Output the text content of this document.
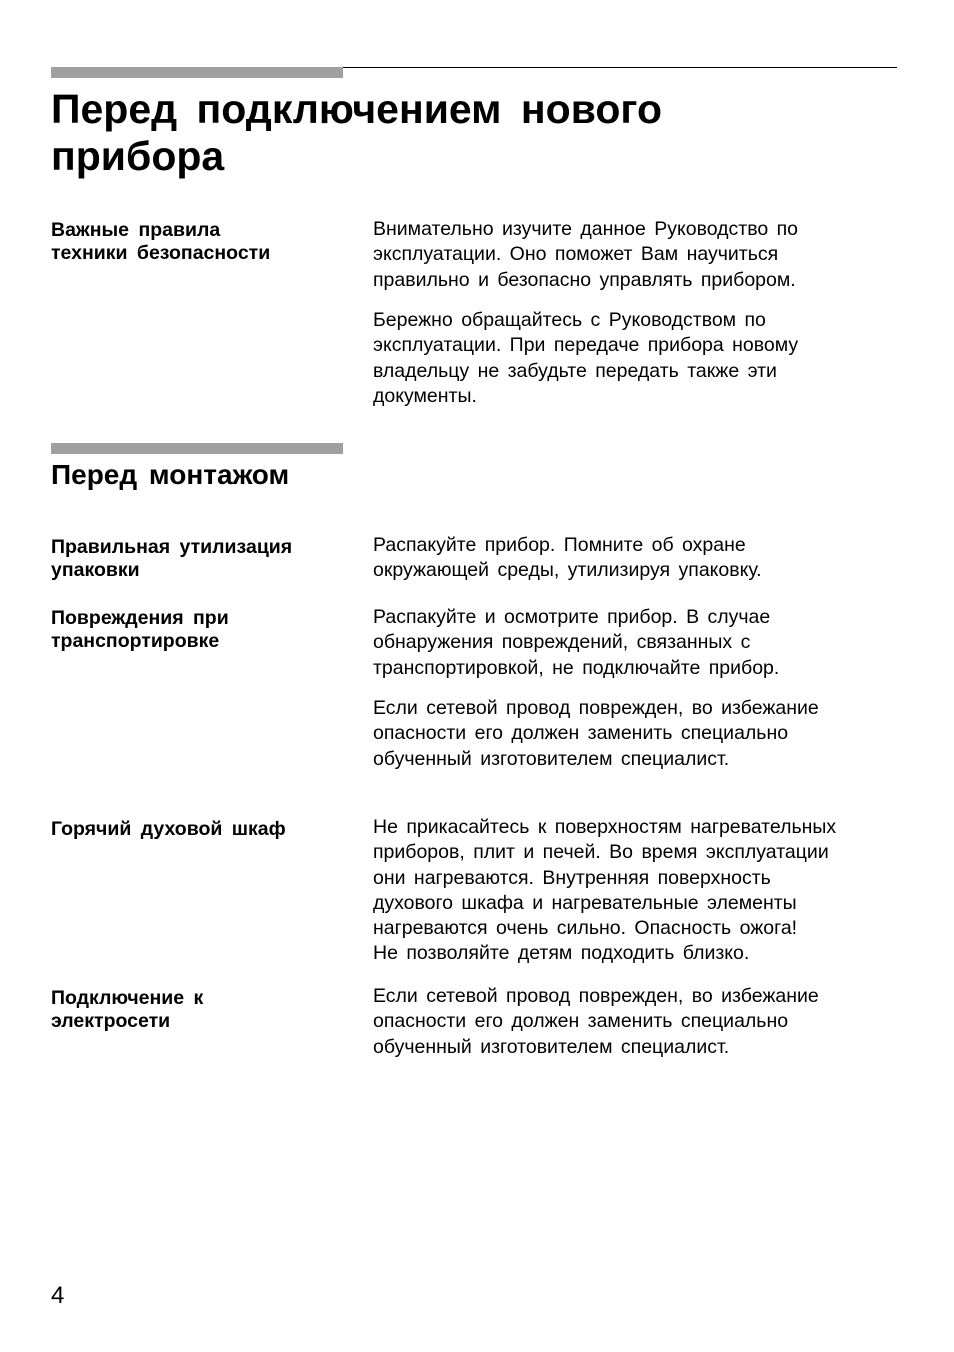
Перед подключением нового
прибора
Важные правила
техники безопасности

Внимательно изучите данное Руководство по
эксплуатации. Оно поможет Вам научиться
правильно и безопасно управлять прибором.

Бережно обращайтесь с Руководством по
эксплуатации. При передаче прибора новому
владельцу не забудьте передать также эти
документы.

Перед монтажом
Правильная утилизация
упаковки

Распакуйте прибор. Помните об охране
окружающей среды, утилизируя упаковку.

Повреждения при
транспортировке

Распакуйте и осмотрите прибор. В случае
обнаружения повреждений, связанных с
транспортировкой, не подключайте прибор.

Если сетевой провод поврежден, во избежание
опасности его должен заменить специально
обученный изготовителем специалист.

Горячий духовой шкаф	Не прикасайтесь к поверхностям нагревательных
приборов, плит и печей. Во время эксплуатации
они нагреваются. Внутренняя поверхность
духового шкафа и нагревательные элементы
нагреваются очень сильно. Опасность ожога!
Не позволяйте детям подходить близко.

Подключение к
электросети

Если сетевой провод поврежден, во избежание
опасности его должен заменить специально
обученный изготовителем специалист.

4
